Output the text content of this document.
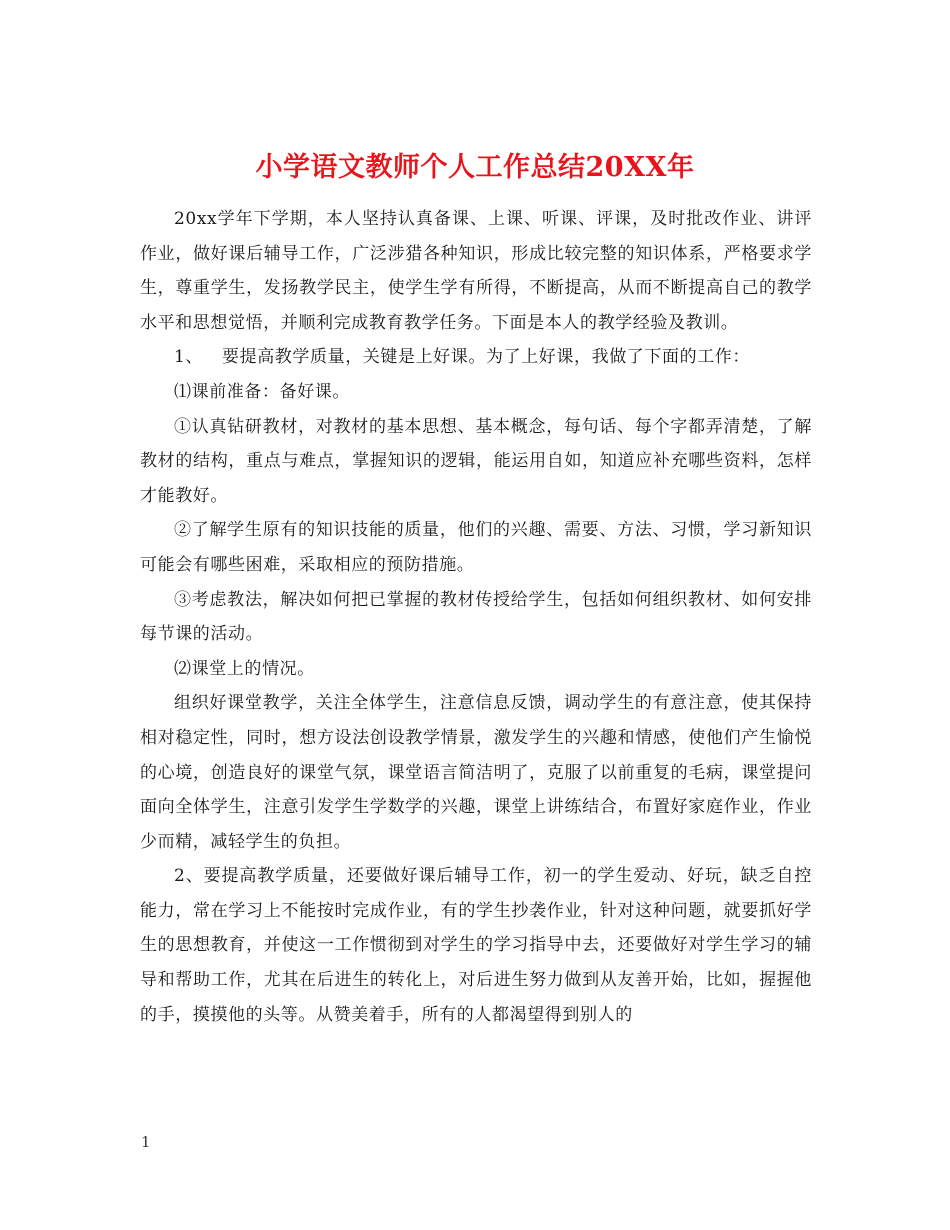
小学语文教师个人工作总结20XX年

20xx学年下学期，本人坚持认真备课、上课、听课、评课，及时批改作业、讲评作业，做好课后辅导工作，广泛涉猎各种知识，形成比较完整的知识体系，严格要求学生，尊重学生，发扬教学民主，使学生学有所得，不断提高，从而不断提高自己的教学水平和思想觉悟，并顺利完成教育教学任务。下面是本人的教学经验及教训。

1、 要提高教学质量，关键是上好课。为了上好课，我做了下面的工作：

⑴课前准备：备好课。

①认真钻研教材，对教材的基本思想、基本概念，每句话、每个字都弄清楚，了解教材的结构，重点与难点，掌握知识的逻辑，能运用自如，知道应补充哪些资料，怎样才能教好。

②了解学生原有的知识技能的质量，他们的兴趣、需要、方法、习惯，学习新知识可能会有哪些困难，采取相应的预防措施。

③考虑教法，解决如何把已掌握的教材传授给学生，包括如何组织教材、如何安排每节课的活动。

⑵课堂上的情况。

组织好课堂教学，关注全体学生，注意信息反馈，调动学生的有意注意，使其保持相对稳定性，同时，想方设法创设教学情景，激发学生的兴趣和情感，使他们产生愉悦的心境，创造良好的课堂气氛，课堂语言简洁明了，克服了以前重复的毛病，课堂提问面向全体学生，注意引发学生学数学的兴趣，课堂上讲练结合，布置好家庭作业，作业少而精，减轻学生的负担。

2、要提高教学质量，还要做好课后辅导工作，初一的学生爱动、好玩，缺乏自控能力，常在学习上不能按时完成作业，有的学生抄袭作业，针对这种问题，就要抓好学生的思想教育，并使这一工作惯彻到对学生的学习指导中去，还要做好对学生学习的辅导和帮助工作，尤其在后进生的转化上，对后进生努力做到从友善开始，比如，握握他的手，摸摸他的头等。从赞美着手，所有的人都渴望得到别人的

1
